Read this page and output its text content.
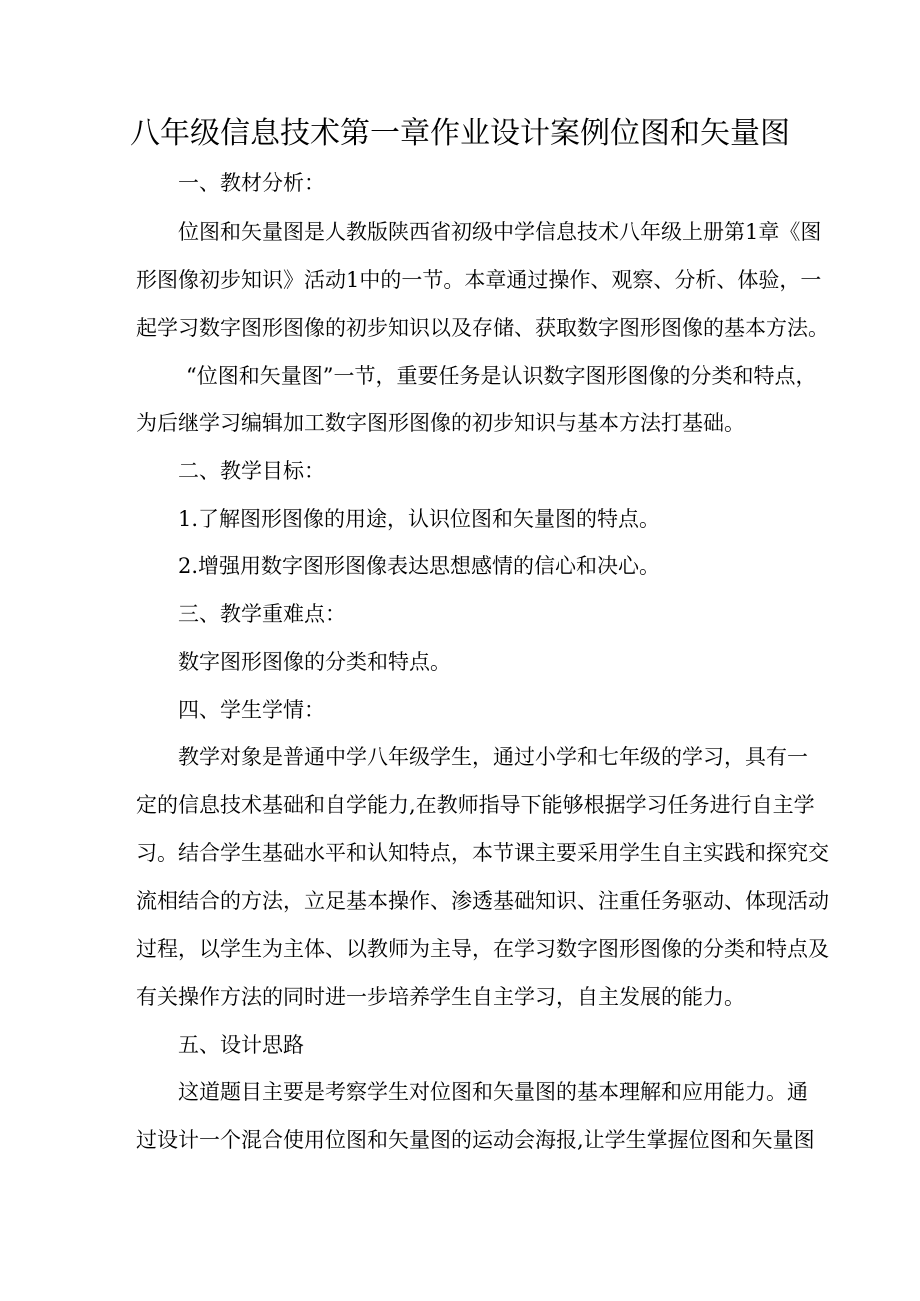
八年级信息技术第一章作业设计案例位图和矢量图
一、教材分析：
位图和矢量图是人教版陕西省初级中学信息技术八年级上册第1章《图
形图像初步知识》活动1中的一节。本章通过操作、观察、分析、体验，一
起学习数字图形图像的初步知识以及存储、获取数字图形图像的基本方法。
“位图和矢量图”一节，重要任务是认识数字图形图像的分类和特点，
为后继学习编辑加工数字图形图像的初步知识与基本方法打基础。
二、教学目标：
1.了解图形图像的用途，认识位图和矢量图的特点。
2.增强用数字图形图像表达思想感情的信心和决心。
三、教学重难点：
数字图形图像的分类和特点。
四、学生学情：
教学对象是普通中学八年级学生，通过小学和七年级的学习，具有一
定的信息技术基础和自学能力,在教师指导下能够根据学习任务进行自主学
习。结合学生基础水平和认知特点，本节课主要采用学生自主实践和探究交
流相结合的方法，立足基本操作、渗透基础知识、注重任务驱动、体现活动
过程，以学生为主体、以教师为主导，在学习数字图形图像的分类和特点及
有关操作方法的同时进一步培养学生自主学习，自主发展的能力。
五、设计思路
这道题目主要是考察学生对位图和矢量图的基本理解和应用能力。通
过设计一个混合使用位图和矢量图的运动会海报,让学生掌握位图和矢量图
